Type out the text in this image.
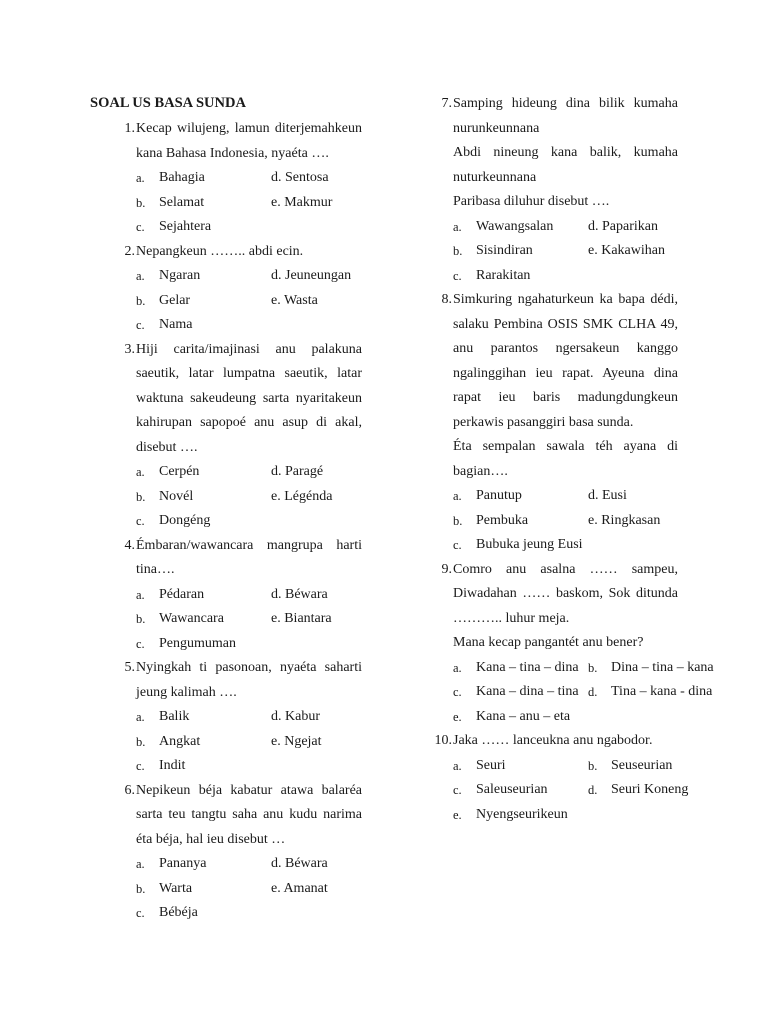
SOAL US BASA SUNDA
1. Kecap wilujeng, lamun diterjemahkeun
kana Bahasa Indonesia, nyaéta ….
a.	Bahagia	d. Sentosa
b. Selamat	e. Makmur
c.	Sejahtera
2. Nepangkeun …….. abdi ecin.
a.	Ngaran	d. Jeuneungan
b. Gelar	e. Wasta
c.	Nama
3. Hiji carita/imajinasi anu palakuna
saeutik, latar lumpatna saeutik, latar
waktuna sakeudeung sarta nyaritakeun
kahirupan sapopoé anu asup di akal,
disebut ….
a.	Cerpén	d. Paragé
b. Novél	e. Légénda
c.	Dongéng
4. Émbaran/wawancara mangrupa harti
tina….
a.	Pédaran	d. Béwara
b. Wawancara	e. Biantara
c.	Pengumuman
5. Nyingkah ti pasonoan, nyaéta saharti
jeung kalimah ….
a.	Balik	d. Kabur
b. Angkat	e. Ngejat
c.	Indit
6. Nepikeun béja kabatur atawa balaréa
sarta teu tangtu saha anu kudu narima
éta béja, hal ieu disebut …
a.	Pananya	d. Béwara
b. Warta	e. Amanat
c.	Bébéja
7. Samping hideung dina bilik kumaha
nurunkeunnana
Abdi nineung kana balik, kumaha
nuturkeunnana
Paribasa diluhur disebut ….
a.	Wawangsalan d. Paparikan
b. Sisindiran	e. Kakawihan
c.	Rarakitan
8. Simkuring ngahaturkeun ka bapa dédi,
salaku Pembina OSIS SMK CLHA 49,
anu parantos ngersakeun kanggo
ngalinggihan ieu rapat. Ayeuna dina
rapat ieu baris madungdungkeun
perkawis pasanggiri basa sunda.
Éta sempalan sawala téh ayana di
bagian….
a.	Panutup	d. Eusi
b. Pembuka	e. Ringkasan
c.	Bubuka jeung Eusi
9. Comro anu asalna …… sampeu,
Diwadahan …… baskom, Sok ditunda
……….. luhur meja.
Mana kecap pangantét anu bener?
a.	Kana – tina – dina b. Dina – tina – kana
c.	Kana – dina – tina d. Tina – kana - dina
e.	Kana – anu – eta
10. Jaka …… lanceukna anu ngabodor.
a.	Seuri	b. Seuseurian
c.	Saleuseurian	d. Seuri Koneng
e.	Nyengseurikeun
